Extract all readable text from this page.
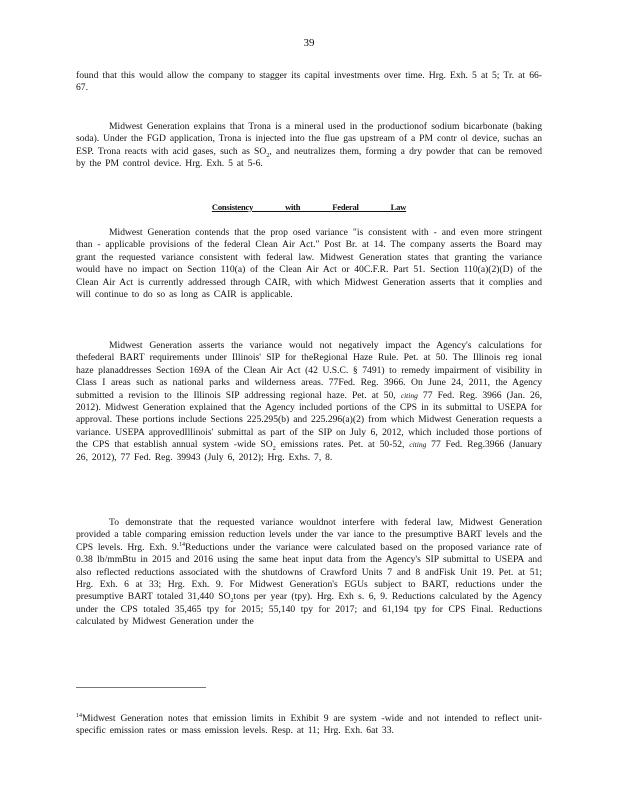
39

found that this would allow the company to stagger its capital investments over time. Hrg. Exh. 5 at 5; Tr. at 66-67.

Midwest Generation explains that Trona is a mineral used in the productionof sodium bicarbonate (baking soda). Under the FGD application, Trona is injected into the flue gas upstream of a PM contr ol device, suchas an ESP. Trona reacts with acid gases, such as $SO_2$, and neutralizes them, forming a dry powder that can be removed by the PM control device. Hrg. Exh. 5 at 5-6.

Consistency with Federal Law

Midwest Generation contends that the prop osed variance "is consistent with - and even more stringent than - applicable provisions of the federal Clean Air Act." Post Br. at 14. The company asserts the Board may grant the requested variance consistent with federal law. Midwest Generation states that granting the variance would have no impact on Section 110(a) of the Clean Air Act or 40C.F.R. Part 51. Section 110(a)(2)(D) of the Clean Air Act is currently addressed through CAIR, with which Midwest Generation asserts that it complies and will continue to do so as long as CAIR is applicable.

Midwest Generation asserts the variance would not negatively impact the Agency's calculations for thefederal BART requirements under Illinois' SIP for theRegional Haze Rule. Pet. at 50. The Illinois reg ional haze planaddresses Section 169A of the Clean Air Act (42 U.S.C. § 7491) to remedy impairment of visibility in Class I areas such as national parks and wilderness areas. 77Fed. Reg. 3966. On June 24, 2011, the Agency submitted a revision to the Illinois SIP addressing regional haze. Pet. at 50, citing 77 Fed. Reg. 3966 (Jan. 26, 2012). Midwest Generation explained that the Agency included portions of the CPS in its submittal to USEPA for approval. These portions include Sections 225.295(b) and 225.296(a)(2) from which Midwest Generation requests a variance. USEPA approvedIllinois' submittal as part of the SIP on July 6, 2012, which included those portions of the CPS that establish annual system -wide $SO_2$ emissions rates. Pet. at 50-52, citing 77 Fed. Reg.3966 (January 26, 2012), 77 Fed. Reg. 39943 (July 6, 2012); Hrg. Exhs. 7, 8.

To demonstrate that the requested variance wouldnot interfere with federal law, Midwest Generation provided a table comparing emission reduction levels under the var iance to the presumptive BART levels and the CPS levels. Hrg. Exh. 9.14Reductions under the variance were calculated based on the proposed variance rate of 0.38 lb/mmBtu in 2015 and 2016 using the same heat input data from the Agency's SIP submittal to USEPA and also reflected reductions associated with the shutdowns of Crawford Units 7 and 8 andFisk Unit 19. Pet. at 51; Hrg. Exh. 6 at 33; Hrg. Exh. 9. For Midwest Generation's EGUs subject to BART, reductions under the presumptive BART totaled 31,440 $SO_2tons$ per year (tpy). Hrg. Exh s. 6, 9. Reductions calculated by the Agency under the CPS totaled 35,465 tpy for 2015; 55,140 tpy for 2017; and 61,194 tpy for CPS Final. Reductions calculated by Midwest Generation under the

$^{14}$Midwest Generation notes that emission limits in Exhibit 9 are system -wide and not intended to reflect unit-specific emission rates or mass emission levels. Resp. at 11; Hrg. Exh. 6at 33.
